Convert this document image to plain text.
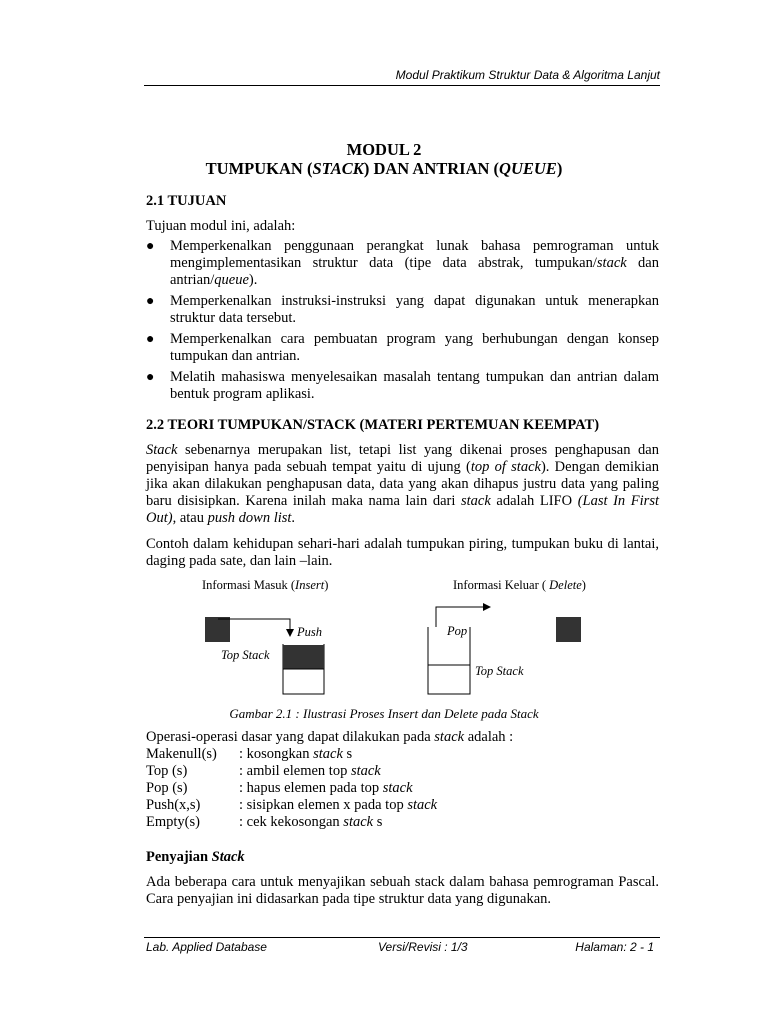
Modul Praktikum Struktur Data & Algoritma Lanjut
MODUL 2
TUMPUKAN (STACK) DAN ANTRIAN (QUEUE)
2.1 TUJUAN
Tujuan modul ini, adalah:
● Memperkenalkan penggunaan perangkat lunak bahasa pemrograman untuk mengimplementasikan struktur data (tipe data abstrak, tumpukan/stack dan antrian/queue).
● Memperkenalkan instruksi-instruksi yang dapat digunakan untuk menerapkan struktur data tersebut.
● Memperkenalkan cara pembuatan program yang berhubungan dengan konsep tumpukan dan antrian.
● Melatih mahasiswa menyelesaikan masalah tentang tumpukan dan antrian dalam bentuk program aplikasi.
2.2 TEORI TUMPUKAN/STACK (MATERI PERTEMUAN KEEMPAT)
Stack sebenarnya merupakan list, tetapi list yang dikenai proses penghapusan dan penyisipan hanya pada sebuah tempat yaitu di ujung (top of stack). Dengan demikian jika akan dilakukan penghapusan data, data yang akan dihapus justru data yang paling baru disisipkan. Karena inilah maka nama lain dari stack adalah LIFO (Last In First Out), atau push down list.
Contoh dalam kehidupan sehari-hari adalah tumpukan piring, tumpukan buku di lantai, daging pada sate, dan lain –lain.
Informasi Masuk (Insert)	Informasi Keluar ( Delete)
Push
Top Stack
Pop
Top Stack
Gambar 2.1 : Ilustrasi Proses Insert dan Delete pada Stack
Operasi-operasi dasar yang dapat dilakukan pada stack adalah :
Makenull(s) : kosongkan stack s
Top (s)	: ambil elemen top stack
Pop (s)	: hapus elemen pada top stack
Push(x,s)	: sisipkan elemen x pada top stack
Empty(s)	: cek kekosongan stack s
Penyajian Stack
Ada beberapa cara untuk menyajikan sebuah stack dalam bahasa pemrograman Pascal. Cara penyajian ini didasarkan pada tipe struktur data yang digunakan.
Lab. Applied Database	Versi/Revisi : 1/3	Halaman: 2 - 1
